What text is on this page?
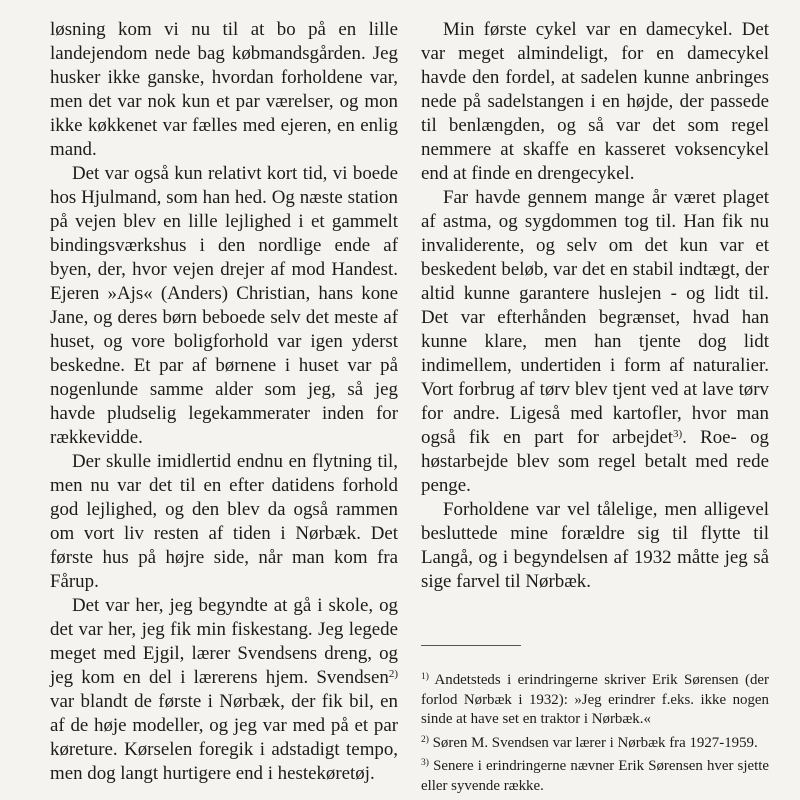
løsning kom vi nu til at bo på en lille landejendom nede bag købmandsgården. Jeg husker ikke ganske, hvordan forholdene var, men det var nok kun et par værelser, og mon ikke køkkenet var fælles med ejeren, en enlig mand.

Det var også kun relativt kort tid, vi boede hos Hjulmand, som han hed. Og næste station på vejen blev en lille lejlighed i et gammelt bindingsværkshus i den nordlige ende af byen, der, hvor vejen drejer af mod Handest. Ejeren »Ajs« (Anders) Christian, hans kone Jane, og deres børn beboede selv det meste af huset, og vore boligforhold var igen yderst beskedne. Et par af børnene i huset var på nogenlunde samme alder som jeg, så jeg havde pludselig legekammerater inden for rækkevidde.

Der skulle imidlertid endnu en flytning til, men nu var det til en efter datidens forhold god lejlighed, og den blev da også rammen om vort liv resten af tiden i Nørbæk. Det første hus på højre side, når man kom fra Fårup.

Det var her, jeg begyndte at gå i skole, og det var her, jeg fik min fiskestang. Jeg legede meget med Ejgil, lærer Svendsens dreng, og jeg kom en del i lærerens hjem. Svendsen$^{2)}$ var blandt de første i Nørbæk, der fik bil, en af de høje modeller, og jeg var med på et par køreture. Kørselen foregik i adstadigt tempo, men dog langt hurtigere end i hestekøretøj.

Min første cykel var en damecykel. Det var meget almindeligt, for en damecykel havde den fordel, at sadelen kunne anbringes nede på sadelstangen i en højde, der passede til benlængden, og så var det som regel nemmere at skaffe en kasseret voksencykel end at finde en drengecykel.

Far havde gennem mange år været plaget af astma, og sygdommen tog til. Han fik nu invaliderente, og selv om det kun var et beskedent beløb, var det en stabil indtægt, der altid kunne garantere huslejen - og lidt til. Det var efterhånden begrænset, hvad han kunne klare, men han tjente dog lidt indimellem, undertiden i form af naturalier. Vort forbrug af tørv blev tjent ved at lave tørv for andre. Ligeså med kartofler, hvor man også fik en part for arbejdet$^{3)}$. Roe- og høstarbejde blev som regel betalt med rede penge.

Forholdene var vel tålelige, men alligevel besluttede mine forældre sig til flytte til Langå, og i begyndelsen af 1932 måtte jeg så sige farvel til Nørbæk.

$^{1)}$ Andetsteds i erindringerne skriver Erik Sørensen (der forlod Nørbæk i 1932): »Jeg erindrer f.eks. ikke nogen sinde at have set en traktor i Nørbæk.«

$^{2)}$ Søren M. Svendsen var lærer i Nørbæk fra 1927-1959.

$^{3)}$ Senere i erindringerne nævner Erik Sørensen hver sjette eller syvende række.
